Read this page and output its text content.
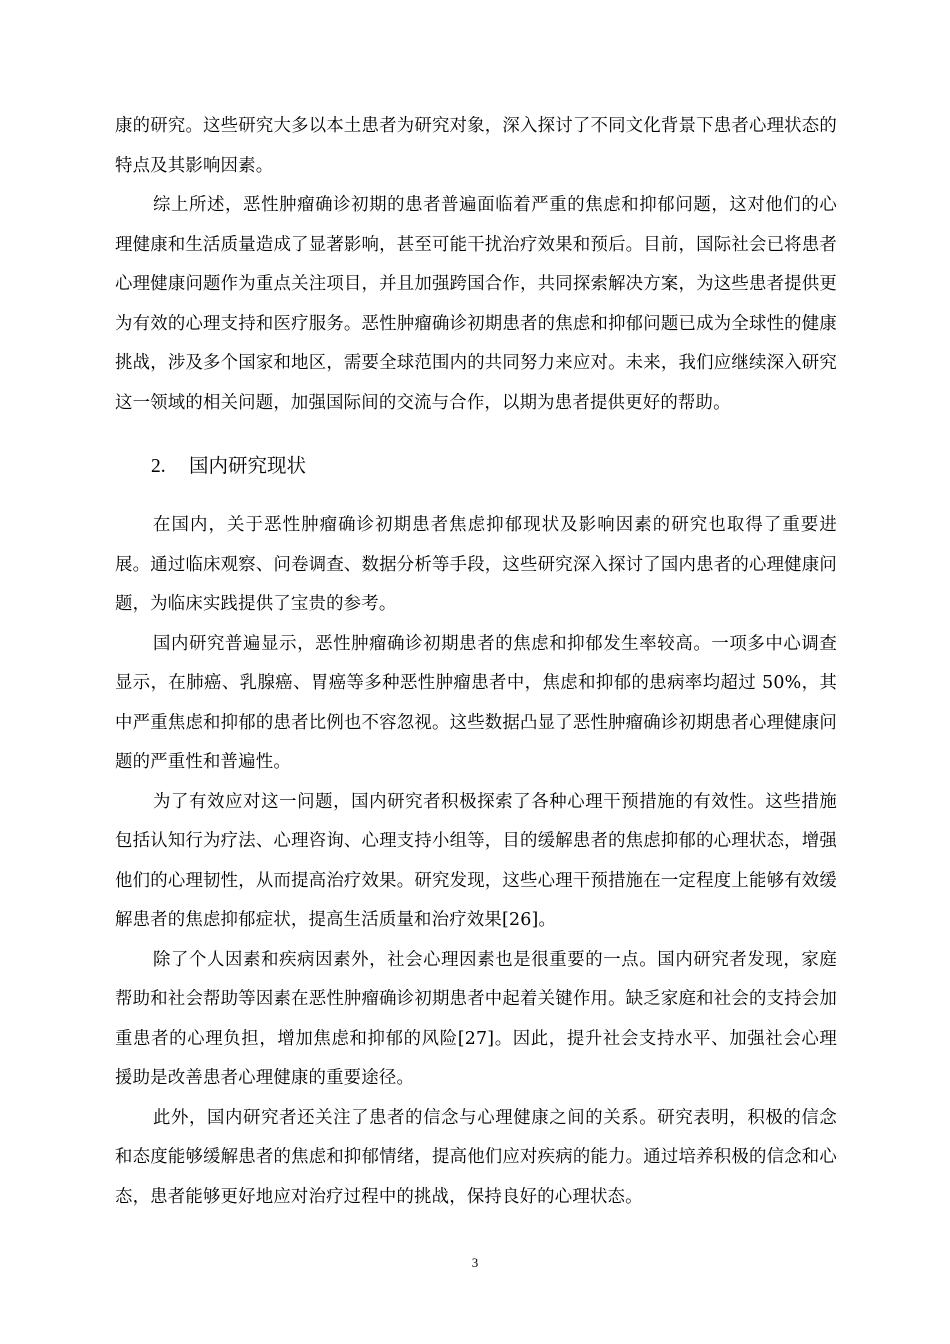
康的研究。这些研究大多以本土患者为研究对象，深入探讨了不同文化背景下患者心理状态的特点及其影响因素。

综上所述，恶性肿瘤确诊初期的患者普遍面临着严重的焦虑和抑郁问题，这对他们的心理健康和生活质量造成了显著影响，甚至可能干扰治疗效果和预后。目前，国际社会已将患者心理健康问题作为重点关注项目，并且加强跨国合作，共同探索解决方案，为这些患者提供更为有效的心理支持和医疗服务。恶性肿瘤确诊初期患者的焦虑和抑郁问题已成为全球性的健康挑战，涉及多个国家和地区，需要全球范围内的共同努力来应对。未来，我们应继续深入研究这一领域的相关问题，加强国际间的交流与合作，以期为患者提供更好的帮助。

2. 国内研究现状

在国内，关于恶性肿瘤确诊初期患者焦虑抑郁现状及影响因素的研究也取得了重要进展。通过临床观察、问卷调查、数据分析等手段，这些研究深入探讨了国内患者的心理健康问题，为临床实践提供了宝贵的参考。

国内研究普遍显示，恶性肿瘤确诊初期患者的焦虑和抑郁发生率较高。一项多中心调查显示，在肺癌、乳腺癌、胃癌等多种恶性肿瘤患者中，焦虑和抑郁的患病率均超过 50%，其中严重焦虑和抑郁的患者比例也不容忽视。这些数据凸显了恶性肿瘤确诊初期患者心理健康问题的严重性和普遍性。

为了有效应对这一问题，国内研究者积极探索了各种心理干预措施的有效性。这些措施包括认知行为疗法、心理咨询、心理支持小组等，目的缓解患者的焦虑抑郁的心理状态，增强他们的心理韧性，从而提高治疗效果。研究发现，这些心理干预措施在一定程度上能够有效缓解患者的焦虑抑郁症状，提高生活质量和治疗效果[26]。

除了个人因素和疾病因素外，社会心理因素也是很重要的一点。国内研究者发现，家庭帮助和社会帮助等因素在恶性肿瘤确诊初期患者中起着关键作用。缺乏家庭和社会的支持会加重患者的心理负担，增加焦虑和抑郁的风险[27]。因此，提升社会支持水平、加强社会心理援助是改善患者心理健康的重要途径。

此外，国内研究者还关注了患者的信念与心理健康之间的关系。研究表明，积极的信念和态度能够缓解患者的焦虑和抑郁情绪，提高他们应对疾病的能力。通过培养积极的信念和心态，患者能够更好地应对治疗过程中的挑战，保持良好的心理状态。

3
